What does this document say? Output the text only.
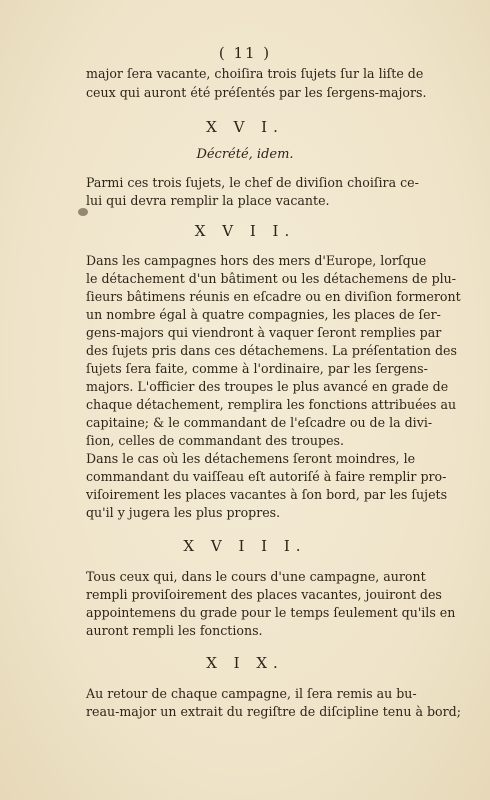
( 11 )
major ſera vacante, choiſira trois ſujets ſur la liſte de
ceux qui auront été préſentés par les ſergens-majors.
X V I.
Décrété, idem.
Parmi ces trois ſujets, le chef de diviſion choiſira ce-
lui qui devra remplir la place vacante.
X V I I.
Dans les campagnes hors des mers d'Europe, lorſque
le détachement d'un bâtiment ou les détachemens de plu-
ſieurs bâtimens réunis en eſcadre ou en diviſion formeront
un nombre égal à quatre compagnies, les places de ſer-
gens-majors qui viendront à vaquer ſeront remplies par
des ſujets pris dans ces détachemens. La préſentation des
ſujets ſera faite, comme à l'ordinaire, par les ſergens-
majors. L'officier des troupes le plus avancé en grade de
chaque détachement, remplira les fonctions attribuées au
capitaine; & le commandant de l'eſcadre ou de la divi-
ſion, celles de commandant des troupes.
Dans le cas où les détachemens ſeront moindres, le
commandant du vaiſſeau eſt autoriſé à faire remplir pro-
viſoirement les places vacantes à ſon bord, par les ſujets
qu'il y jugera les plus propres.
X V I I I.
Tous ceux qui, dans le cours d'une campagne, auront
rempli proviſoirement des places vacantes, jouiront des
appointemens du grade pour le temps ſeulement qu'ils en
auront rempli les fonctions.
X I X.
Au retour de chaque campagne, il ſera remis au bu-
reau-major un extrait du regiſtre de diſcipline tenu à bord;
